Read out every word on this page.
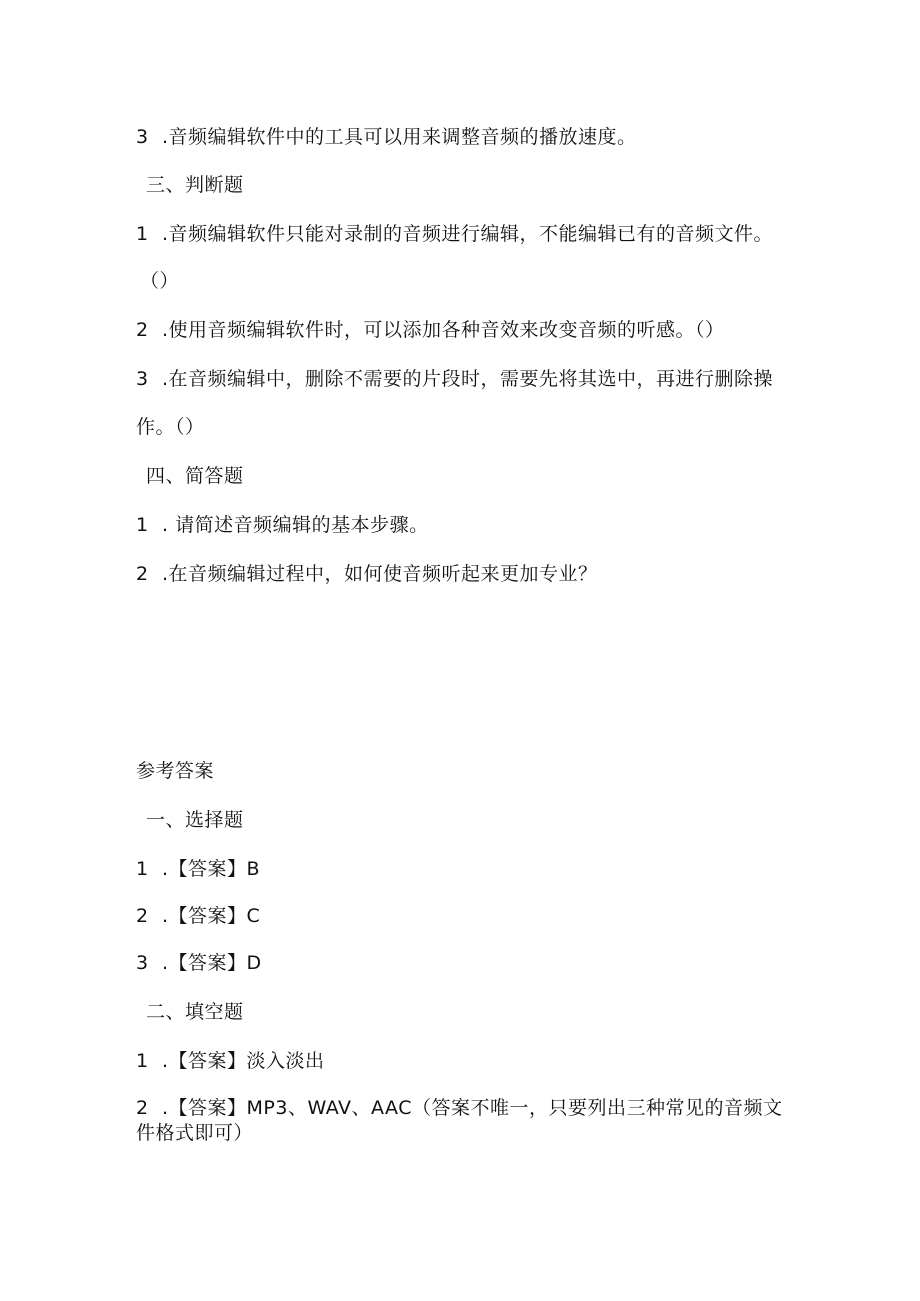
3 .音频编辑软件中的工具可以用来调整音频的播放速度。
三、判断题
1 .音频编辑软件只能对录制的音频进行编辑，不能编辑已有的音频文件。
（）
2 .使用音频编辑软件时，可以添加各种音效来改变音频的听感。（）
3 .在音频编辑中，删除不需要的片段时，需要先将其选中，再进行删除操
作。（）
四、简答题
1 . 请简述音频编辑的基本步骤。
2 .在音频编辑过程中，如何使音频听起来更加专业？
参考答案
一、选择题
1 .【答案】B
2 .【答案】C
3 .【答案】D
二、填空题
1 .【答案】淡入淡出
2 .【答案】MP3、WAV、AAC（答案不唯一，只要列出三种常见的音频文件格式即可）
